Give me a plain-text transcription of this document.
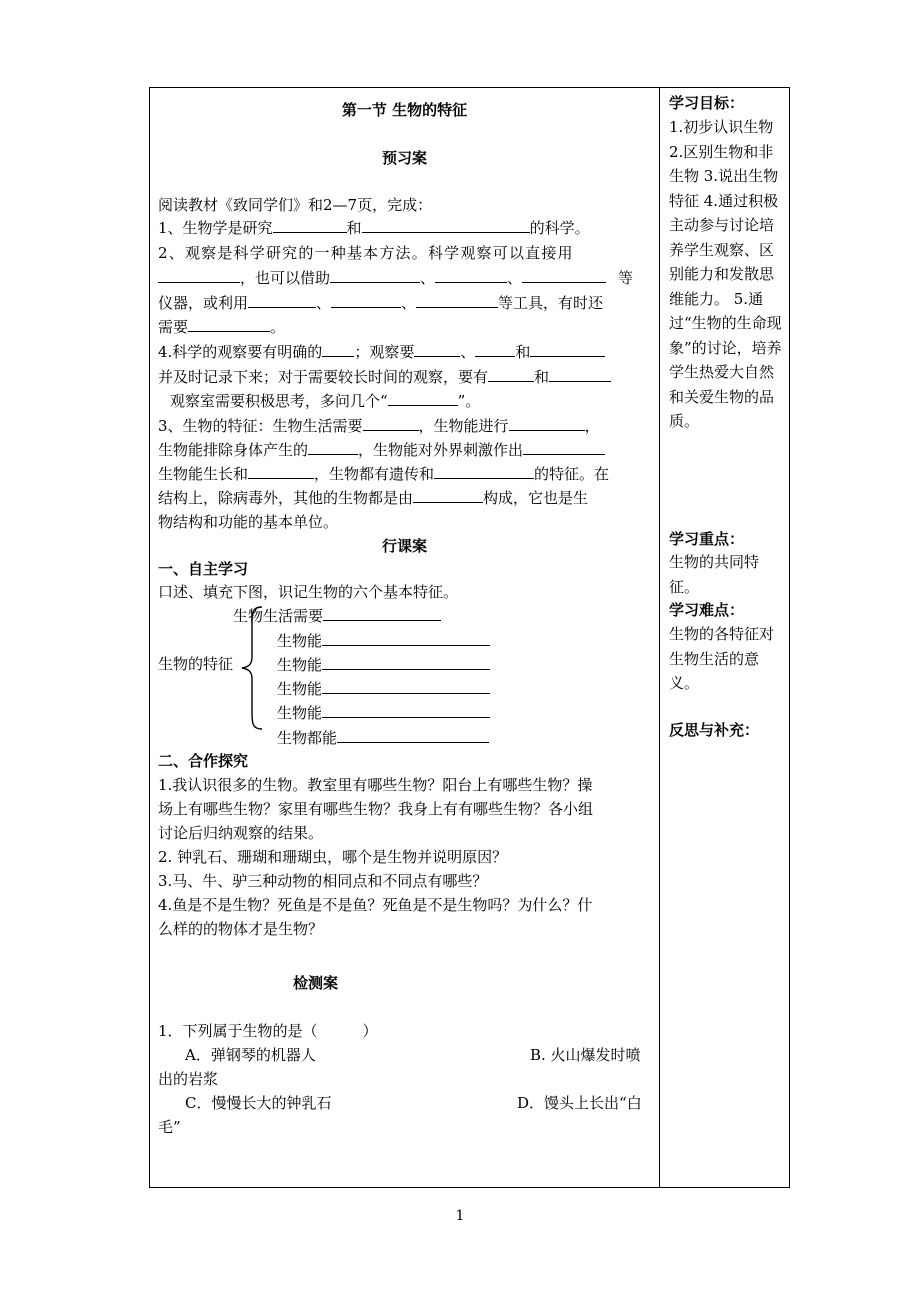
第一节 生物的特征
预习案
阅读教材《致同学们》和2—7页，完成：
1、生物学是研究	和	的科学。
2、观察是科学研究的一种基本方法。科学观察可以直接用
，也可以借助	、	、	等
仪器，或利用	、	、	等工具，有时还
需要	。
4.科学的观察要有明确的 ；观察要	、	和
并及时记录下来；对于需要较长时间的观察，要有	和
观察室需要积极思考，多问几个“	”。
3、生物的特征：生物生活需要	，生物能进行	，
生物能排除身体产生的	，生物能对外界刺激作出
生物能生长和	，生物都有遗传和	的特征。在
结构上，除病毒外，其他的生物都是由	构成，它也是生
物结构和功能的基本单位。
行课案
一、自主学习
口述、填充下图，识记生物的六个基本特征。
生物生活需要
生物能
生物的特征	生物能
生物能
生物能
生物都能
二、合作探究
1.我认识很多的生物。教室里有哪些生物？阳台上有哪些生物？操
场上有哪些生物？家里有哪些生物？我身上有有哪些生物？各小组
讨论后归纳观察的结果。
2. 钟乳石、珊瑚和珊瑚虫，哪个是生物并说明原因？
3.马、牛、驴三种动物的相同点和不同点有哪些？
4.鱼是不是生物？死鱼是不是鱼？死鱼是不是生物吗？为什么？什
么样的的物体才是生物？
检测案
1．下列属于生物的是（　　　）
A．弹钢琴的机器人	B. 火山爆发时喷
出的岩浆
C．慢慢长大的钟乳石	D．馒头上长出“白
毛”
学习目标：
1.初步认识生物 2.区别生物和非生物 3.说出生物特征 4.通过积极主动参与讨论培养学生观察、区别能力和发散思维能力。 5.通过“生物的生命现象”的讨论，培养学生热爱大自然和关爱生物的品质。
学习重点：
生物的共同特征。
学习难点：
生物的各特征对生物生活的意义。
反思与补充：
1
